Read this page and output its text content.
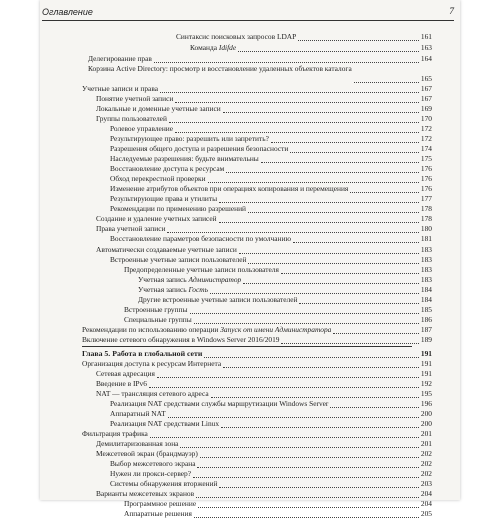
Оглавление	7
Синтаксис поисковых запросов LDAP	161
Команда Idifde	163
Делегирование прав	164
Корзина Active Directory: просмотр и восстановление удаленных объектов каталога
165
Учетные записи и права	167
Понятие учетной записи	167
Локальные и доменные учетные записи	169
Группы пользователей	170
Ролевое управление	172
Результирующее право: разрешить или запретить?	172
Разрешения общего доступа и разрешения безопасности	174
Наследуемые разрешения: будьте внимательны	175
Восстановление доступа к ресурсам	176
Обход перекрестной проверки	176
Изменение атрибутов объектов при операциях копирования и перемещения	176
Результирующие права и утилиты	177
Рекомендации по применению разрешений	178
Создание и удаление учетных записей	178
Права учетной записи	180
Восстановление параметров безопасности по умолчанию	181
Автоматически создаваемые учетные записи	183
Встроенные учетные записи пользователей	183
Предопределенные учетные записи пользователя	183
Учетная запись Администратор	183
Учетная запись Гость	184
Другие встроенные учетные записи пользователей	184
Встроенные группы	185
Специальные группы	186
Рекомендации по использованию операции Запуск от имени Администратора	187
Включение сетевого обнаружения в Windows Server 2016/2019	189
Глава 5. Работа в глобальной сети	191
Организация доступа к ресурсам Интернета	191
Сетевая адресация	191
Введение в IPv6	192
NAT — трансляция сетевого адреса	195
Реализация NAT средствами службы маршрутизации Windows Server	196
Аппаратный NAT	200
Реализация NAT средствами Linux	200
Фильтрация трафика	201
Демилитаризованная зона	201
Межсетевой экран (брандмауэр)	202
Выбор межсетевого экрана	202
Нужен ли прокси-сервер?	202
Системы обнаружения вторжений	203
Варианты межсетевых экранов	204
Программное решение	204
Аппаратные решения	205
